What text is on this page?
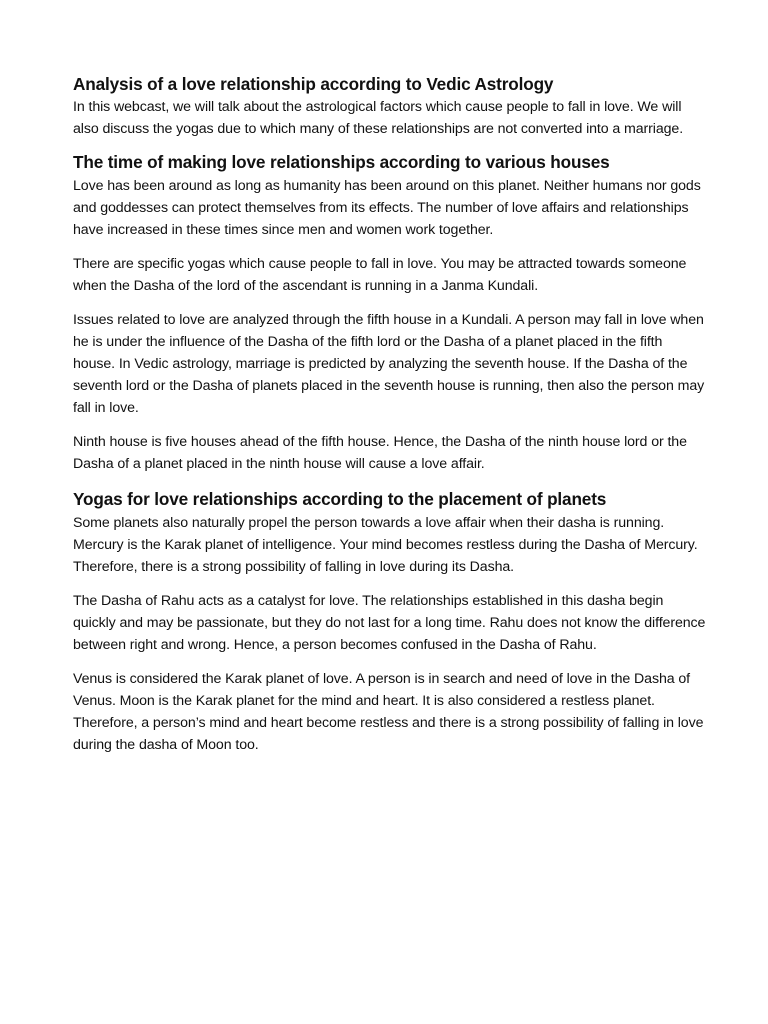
Analysis of a love relationship according to Vedic Astrology

In this webcast, we will talk about the astrological factors which cause people to fall in love. We will also discuss the yogas due to which many of these relationships are not converted into a marriage.

The time of making love relationships according to various houses

Love has been around as long as humanity has been around on this planet. Neither humans nor gods and goddesses can protect themselves from its effects. The number of love affairs and relationships have increased in these times since men and women work together.

There are specific yogas which cause people to fall in love. You may be attracted towards someone when the Dasha of the lord of the ascendant is running in a Janma Kundali.

Issues related to love are analyzed through the fifth house in a Kundali. A person may fall in love when he is under the influence of the Dasha of the fifth lord or the Dasha of a planet placed in the fifth house. In Vedic astrology, marriage is predicted by analyzing the seventh house. If the Dasha of the seventh lord or the Dasha of planets placed in the seventh house is running, then also the person may fall in love.

Ninth house is five houses ahead of the fifth house. Hence, the Dasha of the ninth house lord or the Dasha of a planet placed in the ninth house will cause a love affair.

Yogas for love relationships according to the placement of planets

Some planets also naturally propel the person towards a love affair when their dasha is running. Mercury is the Karak planet of intelligence. Your mind becomes restless during the Dasha of Mercury. Therefore, there is a strong possibility of falling in love during its Dasha.

The Dasha of Rahu acts as a catalyst for love. The relationships established in this dasha begin quickly and may be passionate, but they do not last for a long time. Rahu does not know the difference between right and wrong. Hence, a person becomes confused in the Dasha of Rahu.

Venus is considered the Karak planet of love. A person is in search and need of love in the Dasha of Venus. Moon is the Karak planet for the mind and heart. It is also considered a restless planet. Therefore, a person’s mind and heart become restless and there is a strong possibility of falling in love during the dasha of Moon too.
